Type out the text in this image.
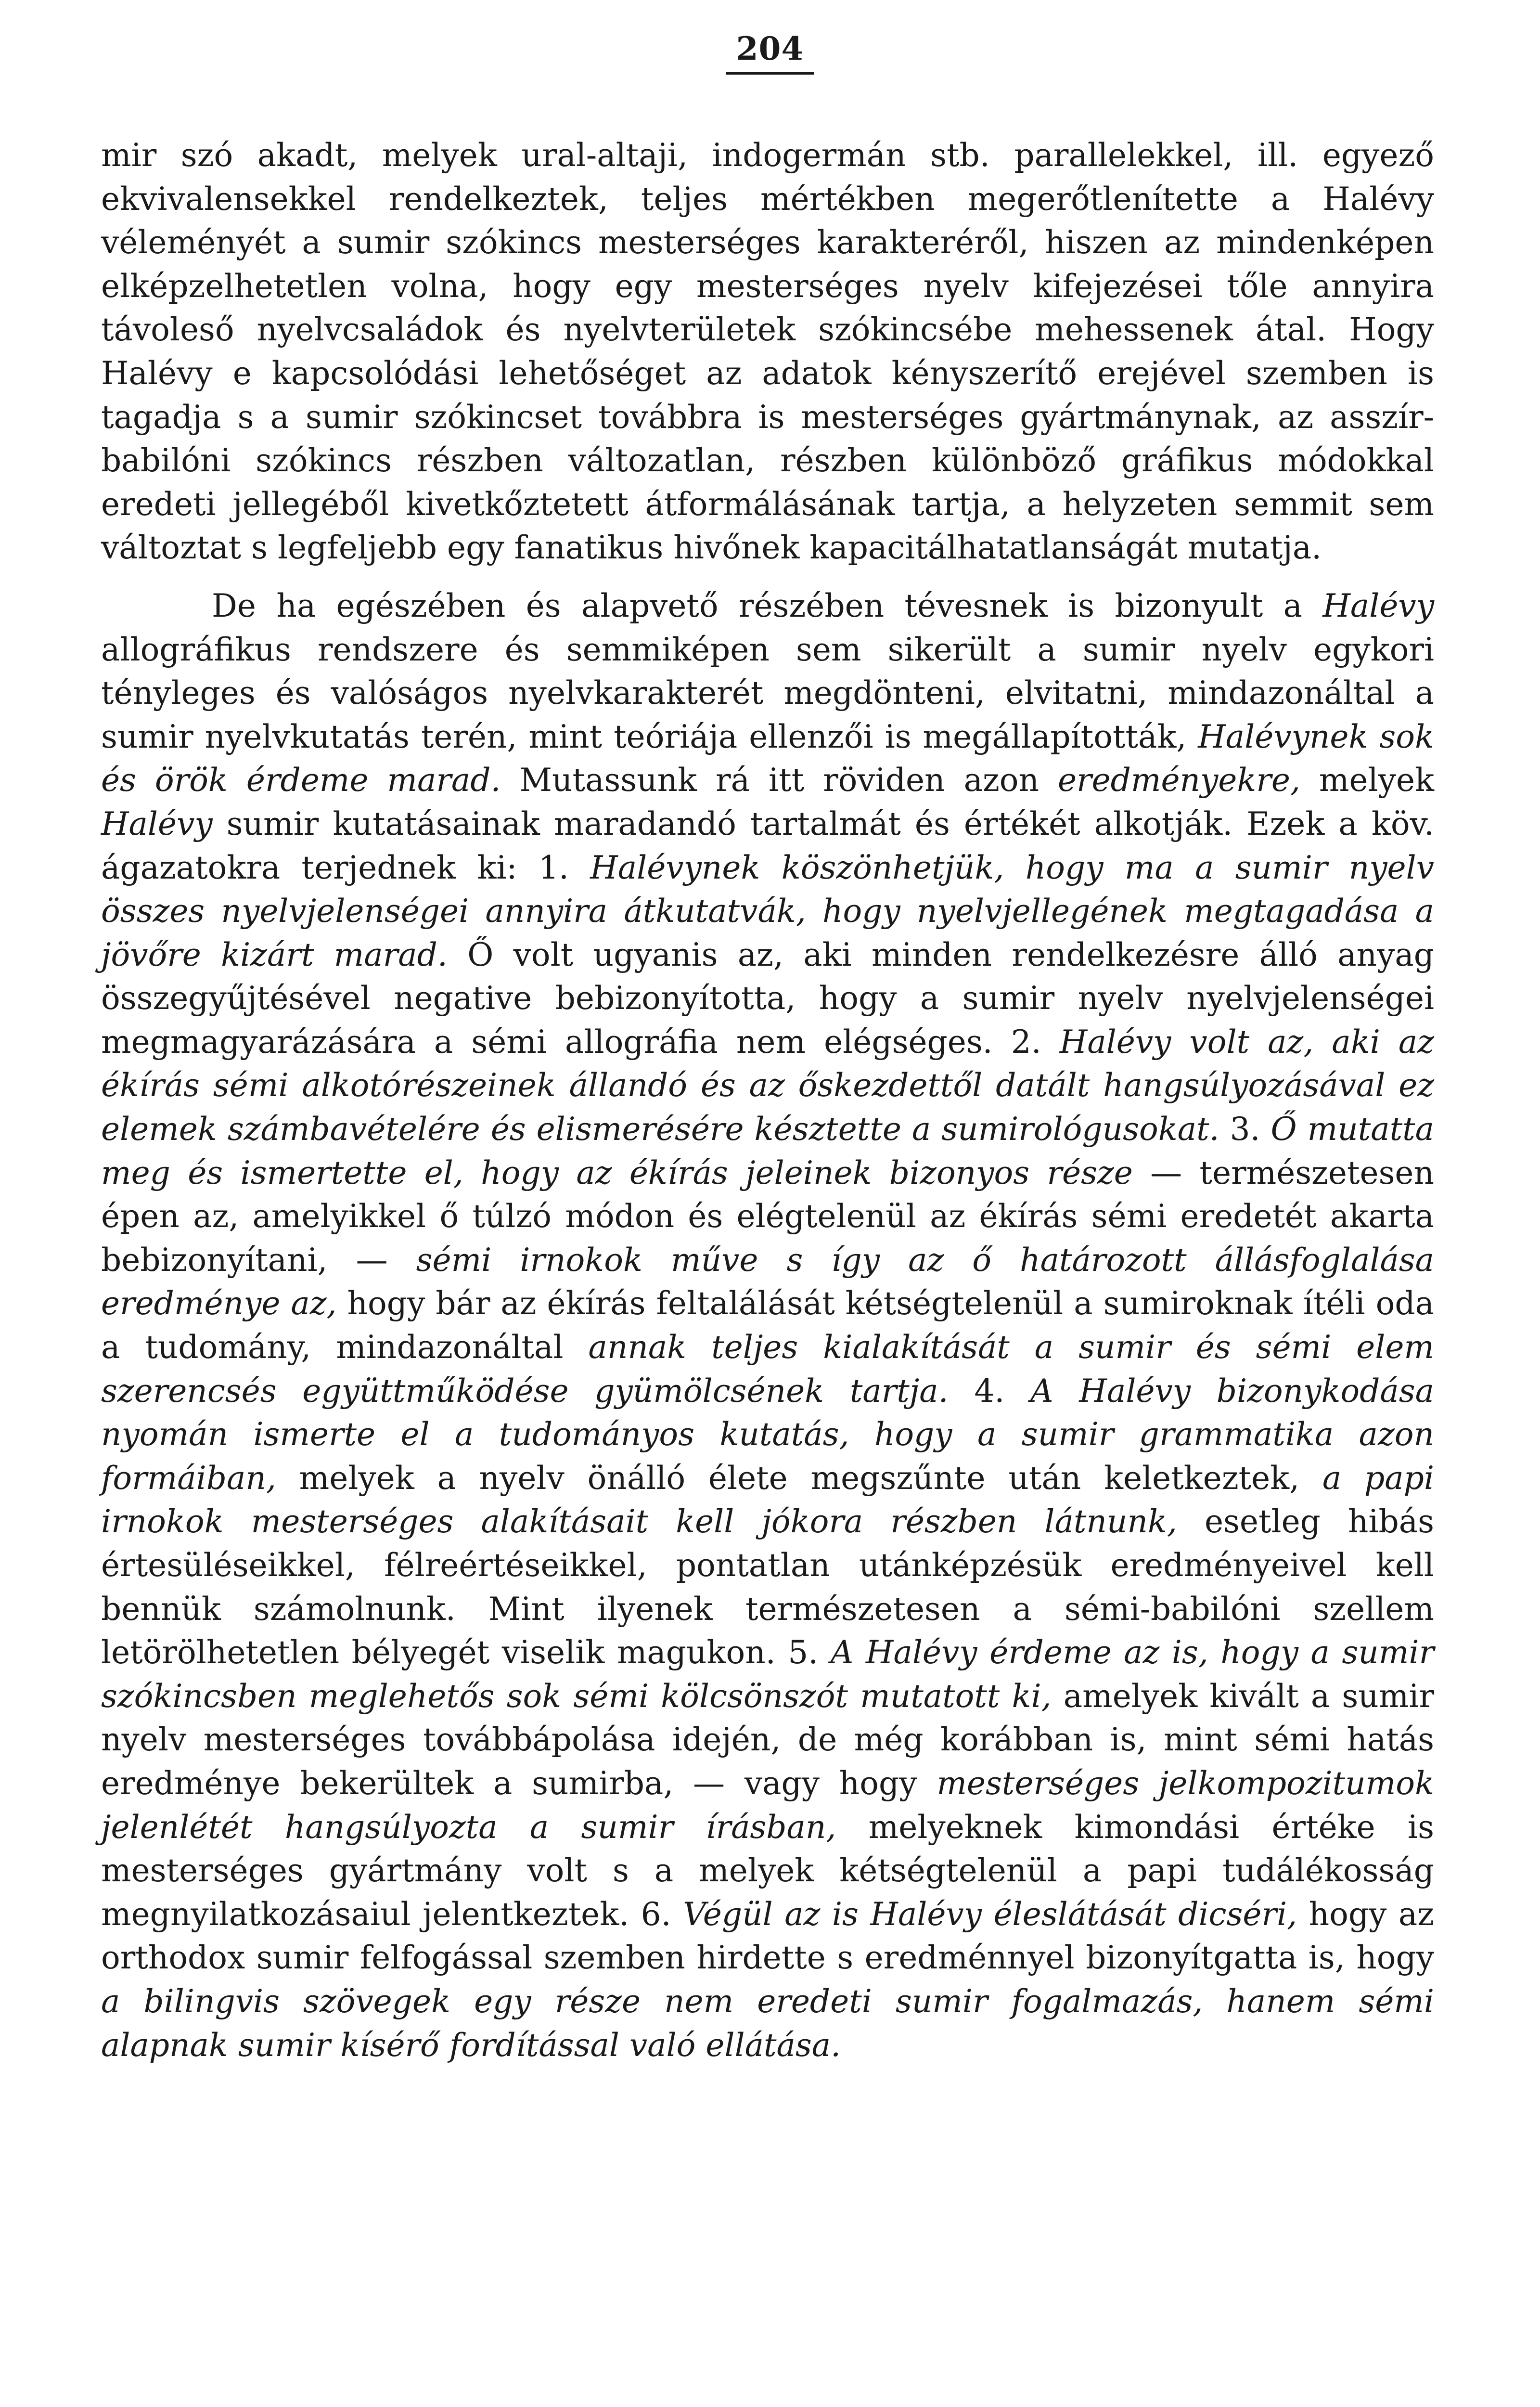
204

mir szó akadt, melyek ural-altaji, indogermán stb. parallelekkel, ill. egyező ekvivalensekkel rendelkeztek, teljes mértékben megerőtlenítette a Halévy véleményét a sumir szókincs mesterséges karakteréről, hiszen az mindenképen elképzelhetetlen volna, hogy egy mesterséges nyelv kifejezései tőle annyira távoleső nyelvcsaládok és nyelvterületek szókincsébe mehessenek átal. Hogy Halévy e kapcsolódási lehetőséget az adatok kényszerítő erejével szemben is tagadja s a sumir szókincset továbbra is mesterséges gyártmánynak, az asszír-babilóni szókincs részben változatlan, részben különböző gráfikus módokkal eredeti jellegéből kivetkőztetett átformálásának tartja, a helyzeten semmit sem változtat s legfeljebb egy fanatikus hivőnek kapacitálhatatlanságát mutatja.

De ha egészében és alapvető részében tévesnek is bizonyult a Halévy allográfikus rendszere és semmiképen sem sikerült a sumir nyelv egykori tényleges és valóságos nyelvkarakterét megdönteni, elvitatni, mindazonáltal a sumir nyelvkutatás terén, mint teóriája ellenzői is megállapították, Halévynek sok és örök érdeme marad. Mutassunk rá itt röviden azon eredményekre, melyek Halévy sumir kutatásainak maradandó tartalmát és értékét alkotják. Ezek a köv. ágazatokra terjednek ki: 1. Halévynek köszönhetjük, hogy ma a sumir nyelv összes nyelvjelenségei annyira átkutatvák, hogy nyelvjellegének megtagadása a jövőre kizárt marad. Ő volt ugyanis az, aki minden rendelkezésre álló anyag összegyűjtésével negative bebizonyította, hogy a sumir nyelv nyelvjelenségei megmagyarázására a sémi allográfia nem elégséges. 2. Halévy volt az, aki az ékírás sémi alkotórészeinek állandó és az őskezdettől datált hangsúlyozásával ez elemek számbavételére és elismerésére késztette a sumirológusokat. 3. Ő mutatta meg és ismertette el, hogy az ékírás jeleinek bizonyos része — természetesen épen az, amelyikkel ő túlzó módon és elégtelenül az ékírás sémi eredetét akarta bebizonyítani, — sémi irnokok műve s így az ő határozott állásfoglalása eredménye az, hogy bár az ékírás feltalálását kétségtelenül a sumiroknak ítéli oda a tudomány, mindazonáltal annak teljes kialakítását a sumir és sémi elem szerencsés együttműködése gyümölcsének tartja. 4. A Halévy bizonykodása nyomán ismerte el a tudományos kutatás, hogy a sumir grammatika azon formáiban, melyek a nyelv önálló élete megszűnte után keletkeztek, a papi irnokok mesterséges alakításait kell jókora részben látnunk, esetleg hibás értesüléseikkel, félreértéseikkel, pontatlan utánképzésük eredményeivel kell bennük számolnunk. Mint ilyenek természetesen a sémi-babilóni szellem letörölhetetlen bélyegét viselik magukon. 5. A Halévy érdeme az is, hogy a sumir szókincsben meglehetős sok sémi kölcsönszót mutatott ki, amelyek kivált a sumir nyelv mesterséges továbbápolása idején, de még korábban is, mint sémi hatás eredménye bekerültek a sumirba, — vagy hogy mesterséges jelkompozitumok jelenlétét hangsúlyozta a sumir írásban, melyeknek kimondási értéke is mesterséges gyártmány volt s a melyek kétségtelenül a papi tudálékosság megnyilatkozásaiul jelentkeztek. 6. Végül az is Halévy éleslátását dicséri, hogy az orthodox sumir felfogással szemben hirdette s eredménnyel bizonyítgatta is, hogy a bilingvis szövegek egy része nem eredeti sumir fogalmazás, hanem sémi alapnak sumir kísérő fordítással való ellátása.
